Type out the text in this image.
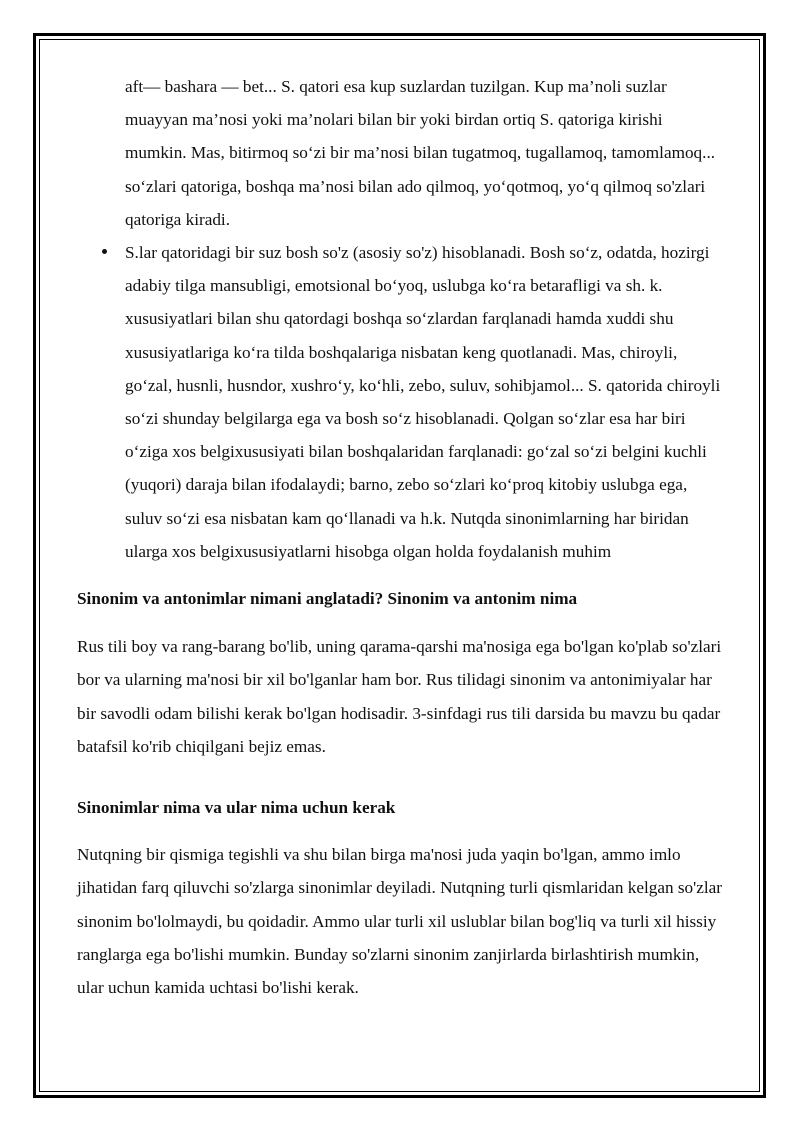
aft— bashara — bet... S. qatori esa kup suzlardan tuzilgan. Kup ma’noli suzlar muayyan ma’nosi yoki ma’nolari bilan bir yoki birdan ortiq S. qatoriga kirishi mumkin. Mas, bitirmoq so‘zi bir ma’nosi bilan tugatmoq, tugallamoq, tamomlamoq... so‘zlari qatoriga, boshqa ma’nosi bilan ado qilmoq, yo‘qotmoq, yo‘q qilmoq so'zlari qatoriga kiradi.

S.lar qatoridagi bir suz bosh so'z (asosiy so'z) hisoblanadi. Bosh so‘z, odatda, hozirgi adabiy tilga mansubligi, emotsional bo‘yoq, uslubga ko‘ra betarafligi va sh. k. xususiyatlari bilan shu qatordagi boshqa so‘zlardan farqlanadi hamda xuddi shu xususiyatlariga ko‘ra tilda boshqalariga nisbatan keng quotlanadi. Mas, chiroyli, go‘zal, husnli, husndor, xushro‘y, ko‘hli, zebo, suluv, sohibjamol... S. qatorida chiroyli so‘zi shunday belgilarga ega va bosh so‘z hisoblanadi. Qolgan so‘zlar esa har biri o‘ziga xos belgixususiyati bilan boshqalaridan farqlanadi: go‘zal so‘zi belgini kuchli (yuqori) daraja bilan ifodalaydi; barno, zebo so‘zlari ko‘proq kitobiy uslubga ega, suluv so‘zi esa nisbatan kam qo‘llanadi va h.k. Nutqda sinonimlarning har biridan ularga xos belgixususiyatlarni hisobga olgan holda foydalanish muhim
Sinonim va antonimlar nimani anglatadi? Sinonim va antonim nima

Rus tili boy va rang-barang bo'lib, uning qarama-qarshi ma'nosiga ega bo'lgan ko'plab so'zlari bor va ularning ma'nosi bir xil bo'lganlar ham bor. Rus tilidagi sinonim va antonimiyalar har bir savodli odam bilishi kerak bo'lgan hodisadir. 3-sinfdagi rus tili darsida bu mavzu bu qadar batafsil ko'rib chiqilgani bejiz emas.

Sinonimlar nima va ular nima uchun kerak

Nutqning bir qismiga tegishli va shu bilan birga ma'nosi juda yaqin bo'lgan, ammo imlo jihatidan farq qiluvchi so'zlarga sinonimlar deyiladi. Nutqning turli qismlaridan kelgan so'zlar sinonim bo'lolmaydi, bu qoidadir. Ammo ular turli xil uslublar bilan bog'liq va turli xil hissiy ranglarga ega bo'lishi mumkin. Bunday so'zlarni sinonim zanjirlarda birlashtirish mumkin, ular uchun kamida uchtasi bo'lishi kerak.
